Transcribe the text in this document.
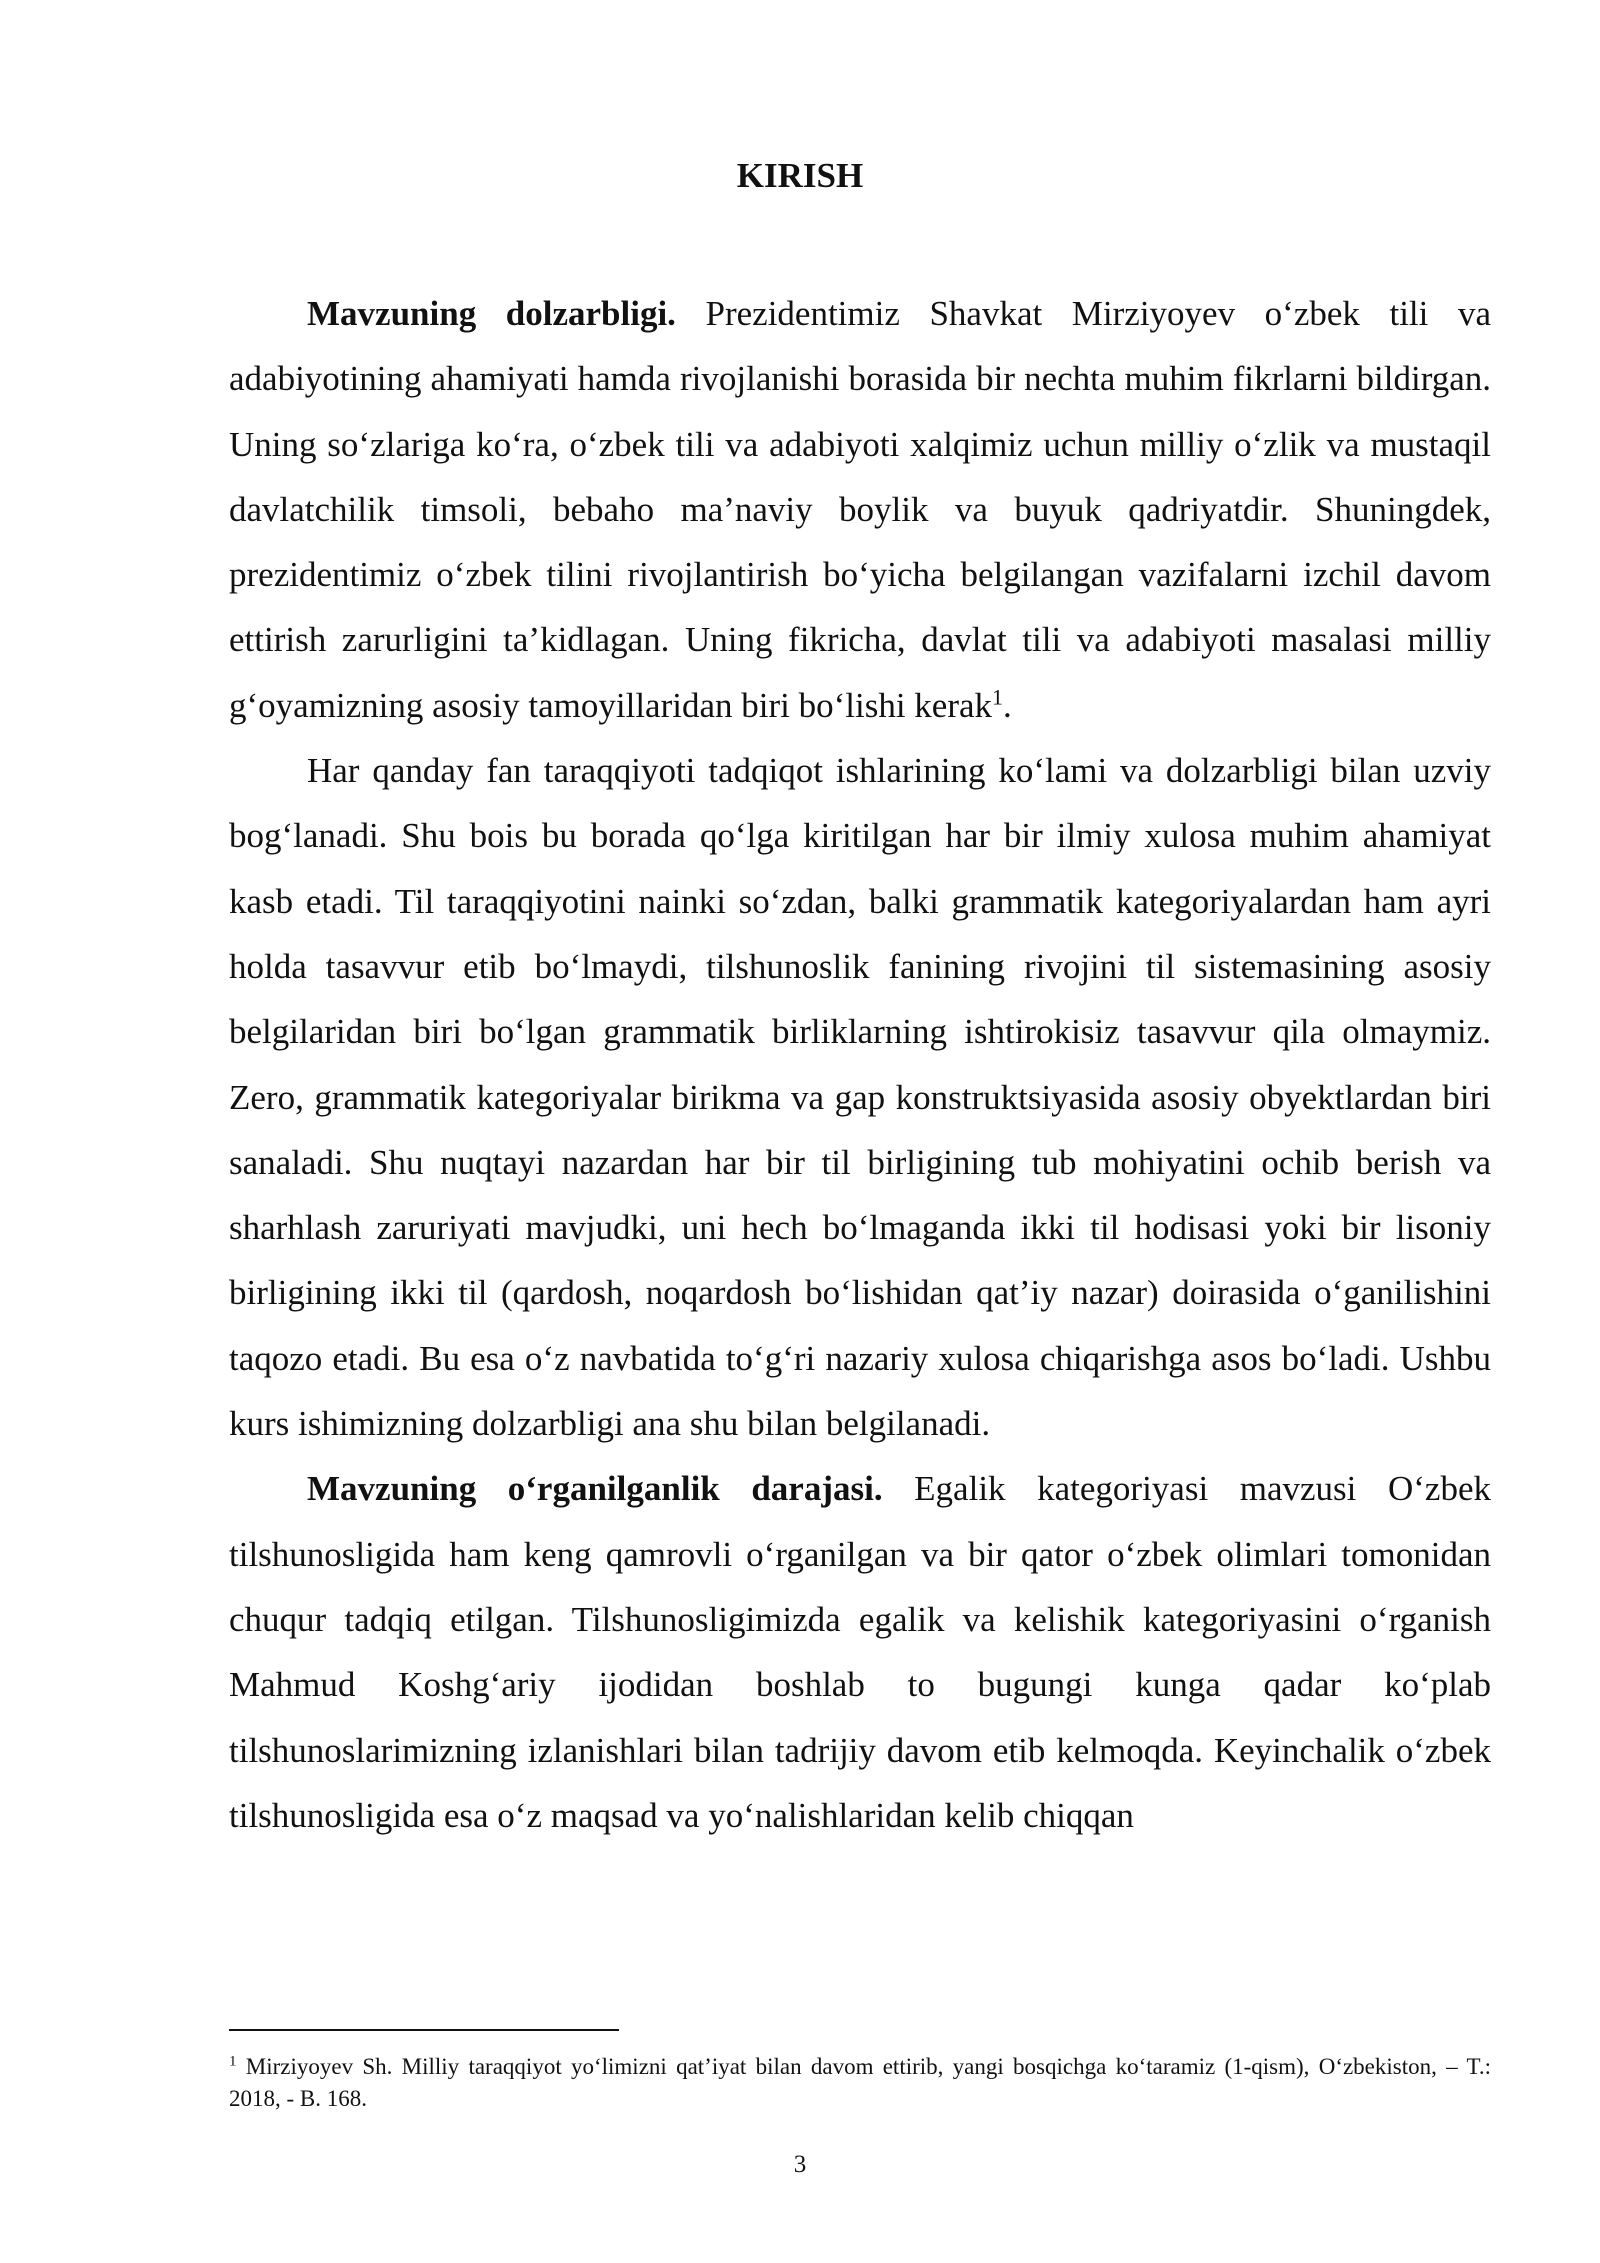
KIRISH

Mavzuning dolzarbligi. Prezidentimiz Shavkat Mirziyoyev o‘zbek tili va adabiyotining ahamiyati hamda rivojlanishi borasida bir nechta muhim fikrlarni bildirgan. Uning so‘zlariga ko‘ra, o‘zbek tili va adabiyoti xalqimiz uchun milliy o‘zlik va mustaqil davlatchilik timsoli, bebaho ma’naviy boylik va buyuk qadriyatdir. Shuningdek, prezidentimiz o‘zbek tilini rivojlantirish bo‘yicha belgilangan vazifalarni izchil davom ettirish zarurligini ta’kidlagan. Uning fikricha, davlat tili va adabiyoti masalasi milliy g‘oyamizning asosiy tamoyillaridan biri bo‘lishi kerak$^1$.

Har qanday fan taraqqiyoti tadqiqot ishlarining ko‘lami va dolzarbligi bilan uzviy bog‘lanadi. Shu bois bu borada qo‘lga kiritilgan har bir ilmiy xulosa muhim ahamiyat kasb etadi. Til taraqqiyotini nainki so‘zdan, balki grammatik kategoriyalardan ham ayri holda tasavvur etib bo‘lmaydi, tilshunoslik fanining rivojini til sistemasining asosiy belgilaridan biri bo‘lgan grammatik birliklarning ishtirokisiz tasavvur qila olmaymiz. Zero, grammatik kategoriyalar birikma va gap konstruktsiyasida asosiy obyektlardan biri sanaladi. Shu nuqtayi nazardan har bir til birligining tub mohiyatini ochib berish va sharhlash zaruriyati mavjudki, uni hech bo‘lmaganda ikki til hodisasi yoki bir lisoniy birligining ikki til (qardosh, noqardosh bo‘lishidan qat’iy nazar) doirasida o‘ganilishini taqozo etadi. Bu esa o‘z navbatida to‘g‘ri nazariy xulosa chiqarishga asos bo‘ladi. Ushbu kurs ishimizning dolzarbligi ana shu bilan belgilanadi.

Mavzuning o‘rganilganlik darajasi. Egalik kategoriyasi mavzusi O‘zbek tilshunosligida ham keng qamrovli o‘rganilgan va bir qator o‘zbek olimlari tomonidan chuqur tadqiq etilgan. Tilshunosligimizda egalik va kelishik kategoriyasini o‘rganish Mahmud Koshg‘ariy ijodidan boshlab to bugungi kunga qadar ko‘plab tilshunoslarimizning izlanishlari bilan tadrijiy davom etib kelmoqda. Keyinchalik o‘zbek tilshunosligida esa o‘z maqsad va yo‘nalishlaridan kelib chiqqan

$^1$ Mirziyoyev Sh. Milliy taraqqiyot yo‘limizni qat’iyat bilan davom ettirib, yangi bosqichga ko‘taramiz (1-qism), O‘zbekiston, – T.: 2018, - B. 168.

3
